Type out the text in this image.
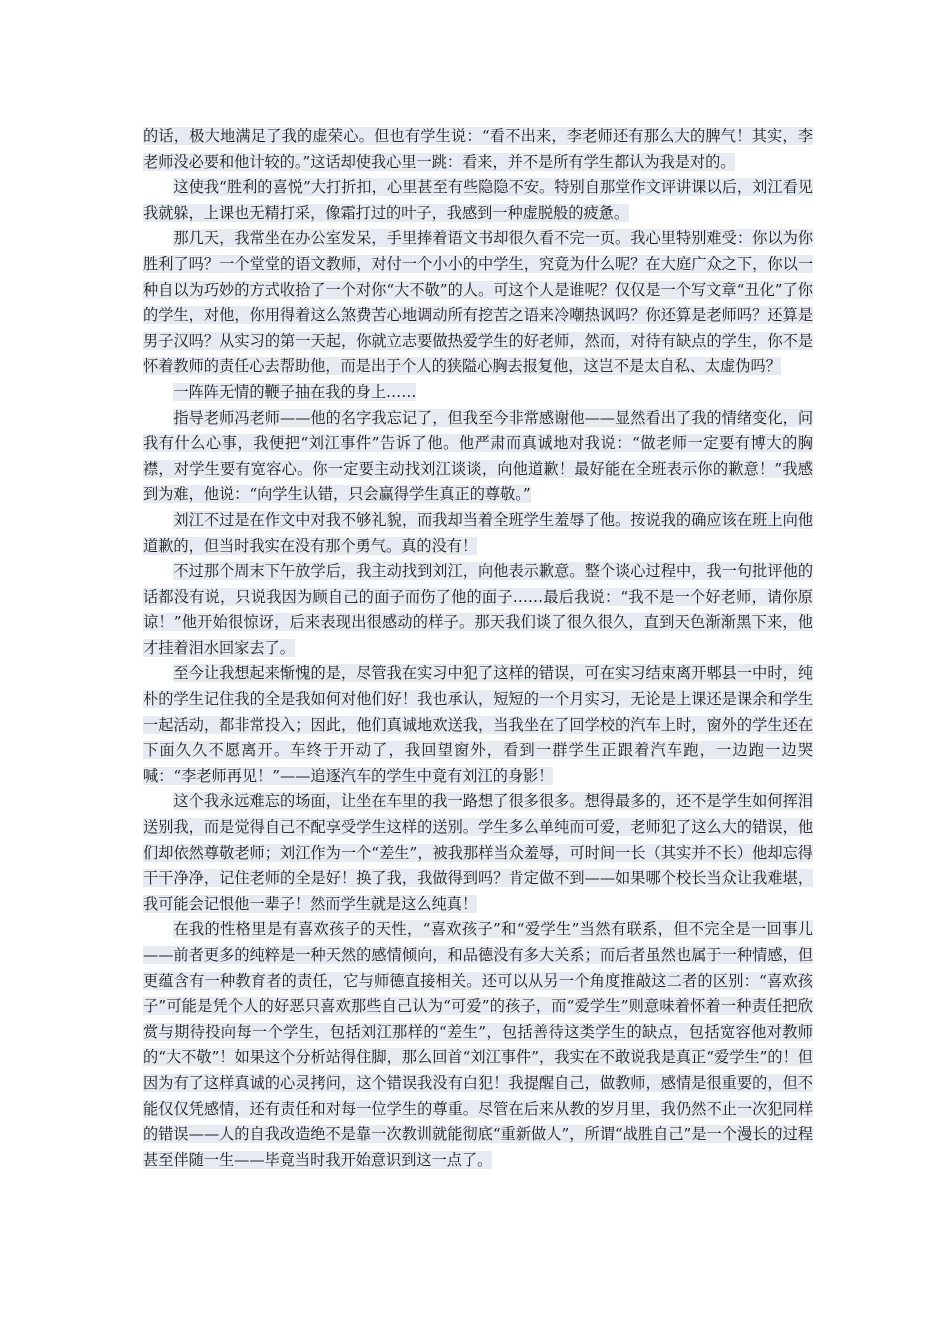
的话，极大地满足了我的虚荣心。但也有学生说：“看不出来，李老师还有那么大的脾气！其实，李老师没必要和他计较的。”这话却使我心里一跳：看来，并不是所有学生都认为我是对的。

这使我“胜利的喜悦”大打折扣，心里甚至有些隐隐不安。特别自那堂作文评讲课以后，刘江看见我就躲，上课也无精打采，像霜打过的叶子，我感到一种虚脱般的疲惫。

那几天，我常坐在办公室发呆，手里捧着语文书却很久看不完一页。我心里特别难受：你以为你胜利了吗？一个堂堂的语文教师，对付一个小小的中学生，究竟为什么呢？在大庭广众之下，你以一种自以为巧妙的方式收拾了一个对你“大不敬”的人。可这个人是谁呢？仅仅是一个写文章“丑化”了你的学生，对他，你用得着这么煞费苦心地调动所有挖苦之语来冷嘲热讽吗？你还算是老师吗？还算是男子汉吗？从实习的第一天起，你就立志要做热爱学生的好老师，然而，对待有缺点的学生，你不是怀着教师的责任心去帮助他，而是出于个人的狭隘心胸去报复他，这岂不是太自私、太虚伪吗？

一阵阵无情的鞭子抽在我的身上……

指导老师冯老师——他的名字我忘记了，但我至今非常感谢他——显然看出了我的情绪变化，问我有什么心事，我便把“刘江事件”告诉了他。他严肃而真诚地对我说：“做老师一定要有博大的胸襟，对学生要有宽容心。你一定要主动找刘江谈谈，向他道歉！最好能在全班表示你的歉意！”我感到为难，他说：“向学生认错，只会赢得学生真正的尊敬。”

刘江不过是在作文中对我不够礼貌，而我却当着全班学生羞辱了他。按说我的确应该在班上向他道歉的，但当时我实在没有那个勇气。真的没有！

不过那个周末下午放学后，我主动找到刘江，向他表示歉意。整个谈心过程中，我一句批评他的话都没有说，只说我因为顾自己的面子而伤了他的面子……最后我说：“我不是一个好老师，请你原谅！”他开始很惊讶，后来表现出很感动的样子。那天我们谈了很久很久，直到天色渐渐黑下来，他才挂着泪水回家去了。

至今让我想起来惭愧的是，尽管我在实习中犯了这样的错误，可在实习结束离开郫县一中时，纯朴的学生记住我的全是我如何对他们好！我也承认，短短的一个月实习，无论是上课还是课余和学生一起活动，都非常投入；因此，他们真诚地欢送我，当我坐在了回学校的汽车上时，窗外的学生还在下面久久不愿离开。车终于开动了，我回望窗外，看到一群学生正跟着汽车跑，一边跑一边哭喊：“李老师再见！”——追逐汽车的学生中竟有刘江的身影！

这个我永远难忘的场面，让坐在车里的我一路想了很多很多。想得最多的，还不是学生如何挥泪送别我，而是觉得自己不配享受学生这样的送别。学生多么单纯而可爱，老师犯了这么大的错误，他们却依然尊敬老师；刘江作为一个“差生”，被我那样当众羞辱，可时间一长（其实并不长）他却忘得干干净净，记住老师的全是好！换了我，我做得到吗？肯定做不到——如果哪个校长当众让我难堪，我可能会记恨他一辈子！然而学生就是这么纯真！

在我的性格里是有喜欢孩子的天性，“喜欢孩子”和“爱学生”当然有联系，但不完全是一回事儿——前者更多的纯粹是一种天然的感情倾向，和品德没有多大关系；而后者虽然也属于一种情感，但更蕴含有一种教育者的责任，它与师德直接相关。还可以从另一个角度推敲这二者的区别：“喜欢孩子”可能是凭个人的好恶只喜欢那些自己认为“可爱”的孩子，而“爱学生”则意味着怀着一种责任把欣赏与期待投向每一个学生，包括刘江那样的“差生”，包括善待这类学生的缺点，包括宽容他对教师的“大不敬”！如果这个分析站得住脚，那么回首“刘江事件”，我实在不敢说我是真正“爱学生”的！但因为有了这样真诚的心灵拷问，这个错误我没有白犯！我提醒自己，做教师，感情是很重要的，但不能仅仅凭感情，还有责任和对每一位学生的尊重。尽管在后来从教的岁月里，我仍然不止一次犯同样的错误——人的自我改造绝不是靠一次教训就能彻底“重新做人”，所谓“战胜自己”是一个漫长的过程甚至伴随一生——毕竟当时我开始意识到这一点了。
